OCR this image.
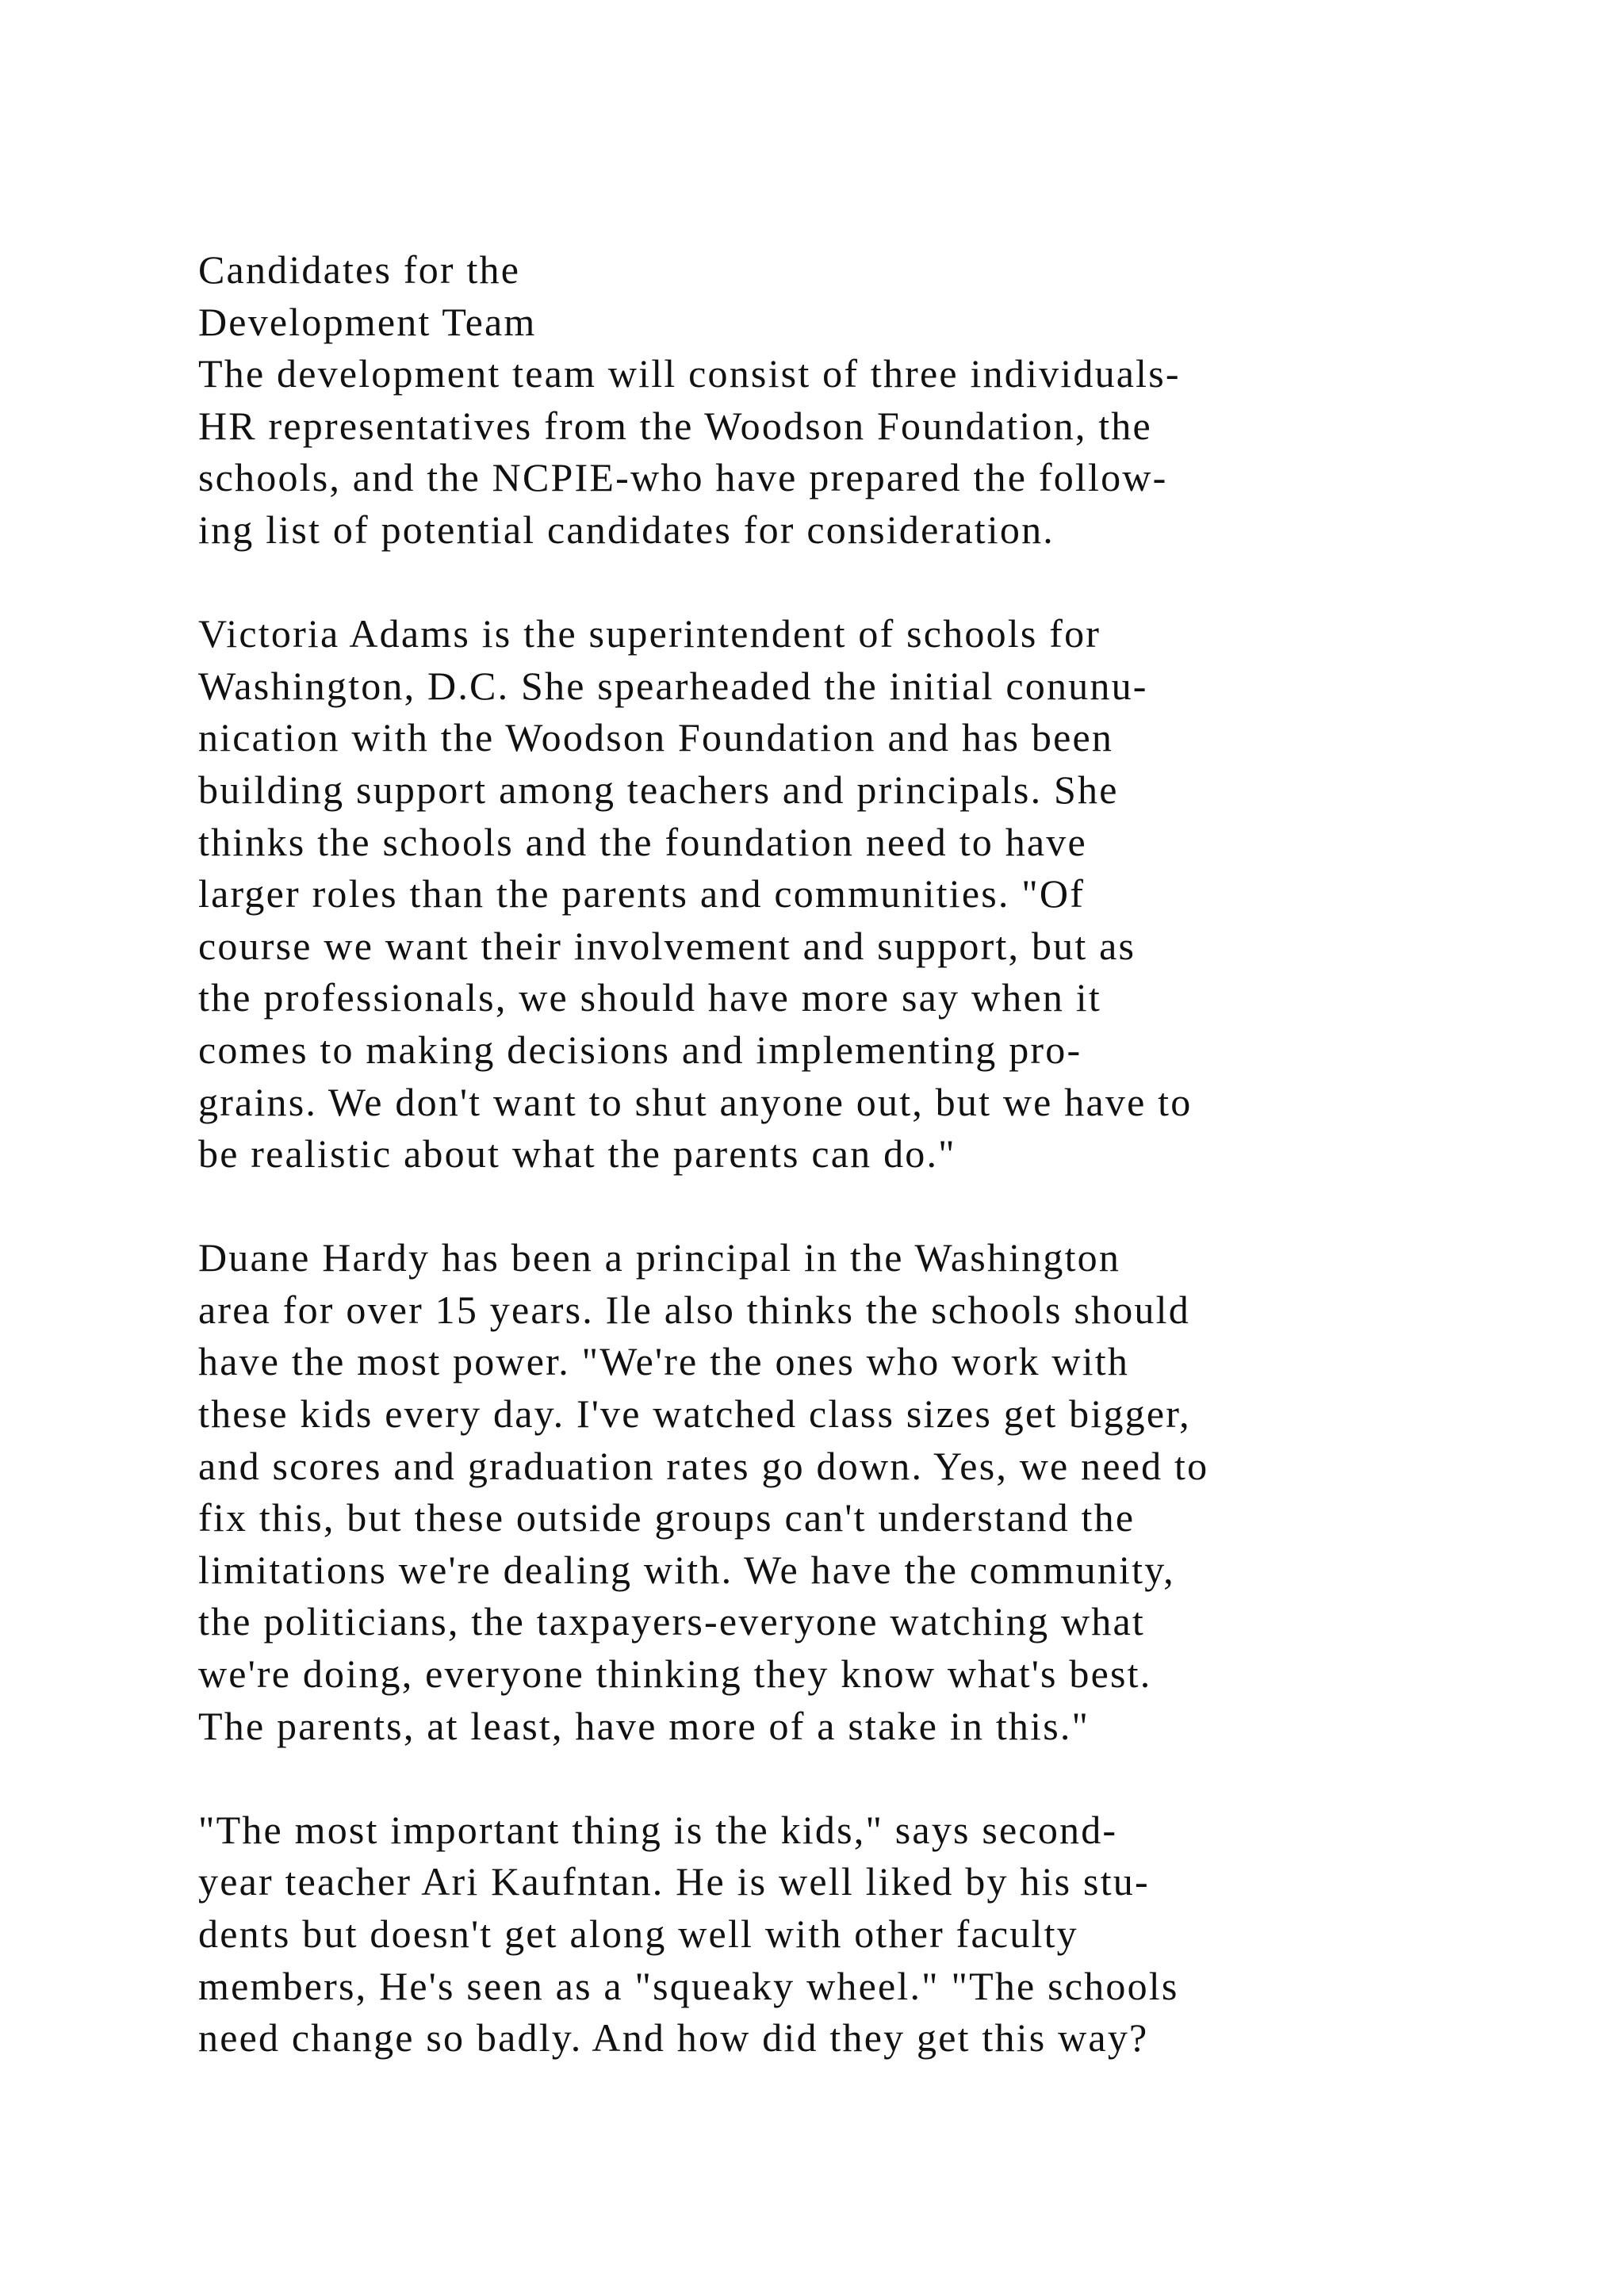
Candidates for the
Development Team
The development team will consist of three individuals-
HR representatives from the Woodson Foundation, the
schools, and the NCPIE-who have prepared the follow-
ing list of potential candidates for consideration.
Victoria Adams is the superintendent of schools for
Washington, D.C. She spearheaded the initial conunu-
nication with the Woodson Foundation and has been
building support among teachers and principals. She
thinks the schools and the foundation need to have
larger roles than the parents and communities. "Of
course we want their involvement and support, but as
the professionals, we should have more say when it
comes to making decisions and implementing pro-
grains. We don't want to shut anyone out, but we have to
be realistic about what the parents can do."
Duane Hardy has been a principal in the Washington
area for over 15 years. Ile also thinks the schools should
have the most power. "We're the ones who work with
these kids every day. I've watched class sizes get bigger,
and scores and graduation rates go down. Yes, we need to
fix this, but these outside groups can't understand the
limitations we're dealing with. We have the community,
the politicians, the taxpayers-everyone watching what
we're doing, everyone thinking they know what's best.
The parents, at least, have more of a stake in this."
"The most important thing is the kids," says second-
year teacher Ari Kaufntan. He is well liked by his stu-
dents but doesn't get along well with other faculty
members, He's seen as a "squeaky wheel." "The schools
need change so badly. And how did they get this way?
